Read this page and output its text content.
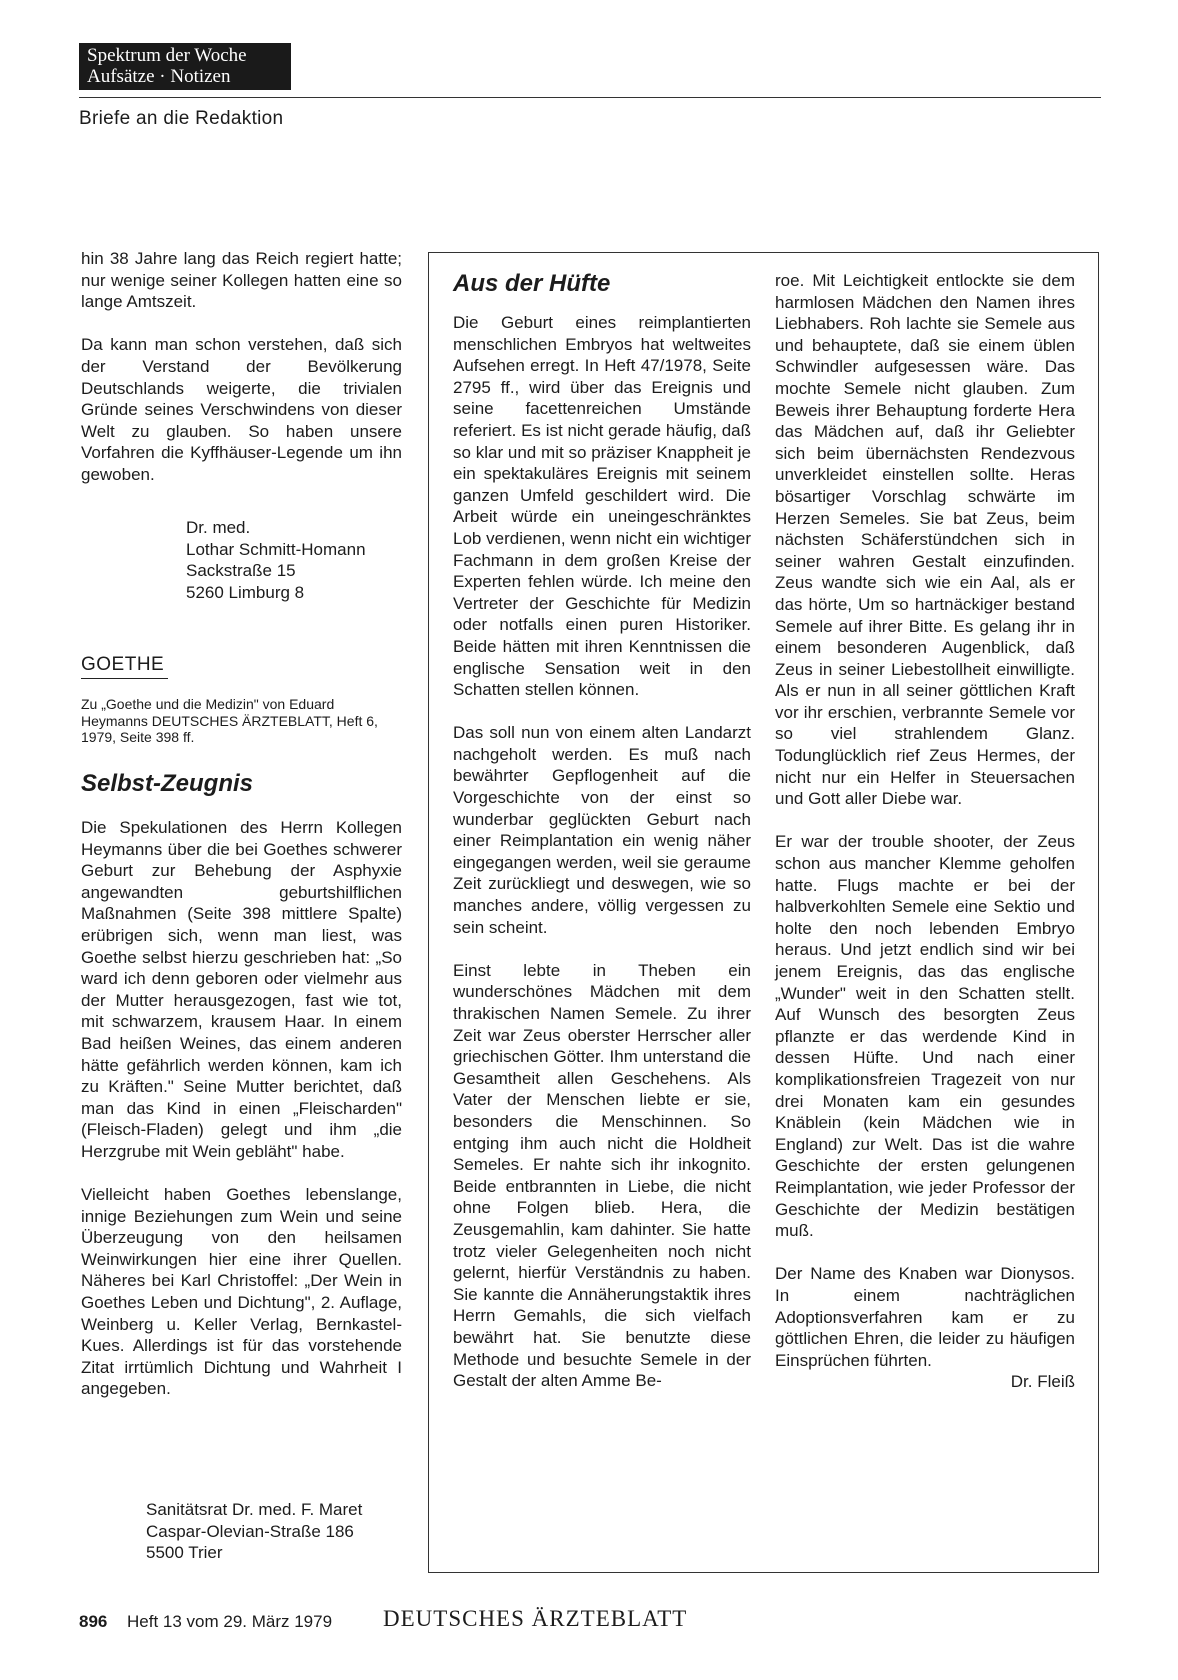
Spektrum der Woche
Aufsätze · Notizen
Briefe an die Redaktion

hin 38 Jahre lang das Reich regiert hatte; nur wenige seiner Kollegen hatten eine so lange Amtszeit.

Da kann man schon verstehen, daß sich der Verstand der Bevölkerung Deutschlands weigerte, die trivialen Gründe seines Verschwindens von dieser Welt zu glauben. So haben unsere Vorfahren die Kyffhäuser-Legende um ihn gewoben.

Dr. med.
Lothar Schmitt-Homann
Sackstraße 15
5260 Limburg 8
GOETHE
Zu „Goethe und die Medizin" von Eduard Heymanns DEUTSCHES ÄRZTEBLATT, Heft 6, 1979, Seite 398 ff.
Selbst-Zeugnis

Die Spekulationen des Herrn Kollegen Heymanns über die bei Goethes schwerer Geburt zur Behebung der Asphyxie angewandten geburtshilflichen Maßnahmen (Seite 398 mittlere Spalte) erübrigen sich, wenn man liest, was Goethe selbst hierzu geschrieben hat: „So ward ich denn geboren oder vielmehr aus der Mutter herausgezogen, fast wie tot, mit schwarzem, krausem Haar. In einem Bad heißen Weines, das einem anderen hätte gefährlich werden können, kam ich zu Kräften." Seine Mutter berichtet, daß man das Kind in einen „Fleischarden" (Fleisch-Fladen) gelegt und ihm „die Herzgrube mit Wein gebläht" habe.

Vielleicht haben Goethes lebenslange, innige Beziehungen zum Wein und seine Überzeugung von den heilsamen Weinwirkungen hier eine ihrer Quellen. Näheres bei Karl Christoffel: „Der Wein in Goethes Leben und Dichtung", 2. Auflage, Weinberg u. Keller Verlag, Bernkastel-Kues. Allerdings ist für das vorstehende Zitat irrtümlich Dichtung und Wahrheit I angegeben.

Sanitätsrat Dr. med. F. Maret
Caspar-Olevian-Straße 186
5500 Trier
Aus der Hüfte

Die Geburt eines reimplantierten menschlichen Embryos hat weltweites Aufsehen erregt. In Heft 47/1978, Seite 2795 ff., wird über das Ereignis und seine facettenreichen Umstände referiert. Es ist nicht gerade häufig, daß so klar und mit so präziser Knappheit je ein spektakuläres Ereignis mit seinem ganzen Umfeld geschildert wird. Die Arbeit würde ein uneingeschränktes Lob verdienen, wenn nicht ein wichtiger Fachmann in dem großen Kreise der Experten fehlen würde. Ich meine den Vertreter der Geschichte für Medizin oder notfalls einen puren Historiker. Beide hätten mit ihren Kenntnissen die englische Sensation weit in den Schatten stellen können.

Das soll nun von einem alten Landarzt nachgeholt werden. Es muß nach bewährter Gepflogenheit auf die Vorgeschichte von der einst so wunderbar geglückten Geburt nach einer Reimplantation ein wenig näher eingegangen werden, weil sie geraume Zeit zurückliegt und deswegen, wie so manches andere, völlig vergessen zu sein scheint.

Einst lebte in Theben ein wunderschönes Mädchen mit dem thrakischen Namen Semele. Zu ihrer Zeit war Zeus oberster Herrscher aller griechischen Götter. Ihm unterstand die Gesamtheit allen Geschehens. Als Vater der Menschen liebte er sie, besonders die Menschinnen. So entging ihm auch nicht die Holdheit Semeles. Er nahte sich ihr inkognito. Beide entbrannten in Liebe, die nicht ohne Folgen blieb. Hera, die Zeusgemahlin, kam dahinter. Sie hatte trotz vieler Gelegenheiten noch nicht gelernt, hierfür Verständnis zu haben. Sie kannte die Annäherungstaktik ihres Herrn Gemahls, die sich vielfach bewährt hat. Sie benutzte diese Methode und besuchte Semele in der Gestalt der alten Amme Be-

roe. Mit Leichtigkeit entlockte sie dem harmlosen Mädchen den Namen ihres Liebhabers. Roh lachte sie Semele aus und behauptete, daß sie einem üblen Schwindler aufgesessen wäre. Das mochte Semele nicht glauben. Zum Beweis ihrer Behauptung forderte Hera das Mädchen auf, daß ihr Geliebter sich beim übernächsten Rendezvous unverkleidet einstellen sollte. Heras bösartiger Vorschlag schwärte im Herzen Semeles. Sie bat Zeus, beim nächsten Schäferstündchen sich in seiner wahren Gestalt einzufinden. Zeus wandte sich wie ein Aal, als er das hörte, Um so hartnäckiger bestand Semele auf ihrer Bitte. Es gelang ihr in einem besonderen Augenblick, daß Zeus in seiner Liebestollheit einwilligte. Als er nun in all seiner göttlichen Kraft vor ihr erschien, verbrannte Semele vor so viel strahlendem Glanz. Todunglücklich rief Zeus Hermes, der nicht nur ein Helfer in Steuersachen und Gott aller Diebe war.

Er war der trouble shooter, der Zeus schon aus mancher Klemme geholfen hatte. Flugs machte er bei der halbverkohlten Semele eine Sektio und holte den noch lebenden Embryo heraus. Und jetzt endlich sind wir bei jenem Ereignis, das das englische „Wunder" weit in den Schatten stellt. Auf Wunsch des besorgten Zeus pflanzte er das werdende Kind in dessen Hüfte. Und nach einer komplikationsfreien Tragezeit von nur drei Monaten kam ein gesundes Knäblein (kein Mädchen wie in England) zur Welt. Das ist die wahre Geschichte der ersten gelungenen Reimplantation, wie jeder Professor der Geschichte der Medizin bestätigen muß.

Der Name des Knaben war Dionysos. In einem nachträglichen Adoptionsverfahren kam er zu göttlichen Ehren, die leider zu häufigen Einsprüchen führten.

Dr. Fleiß

896 Heft 13 vom 29. März 1979 DEUTSCHES ÄRZTEBLATT
